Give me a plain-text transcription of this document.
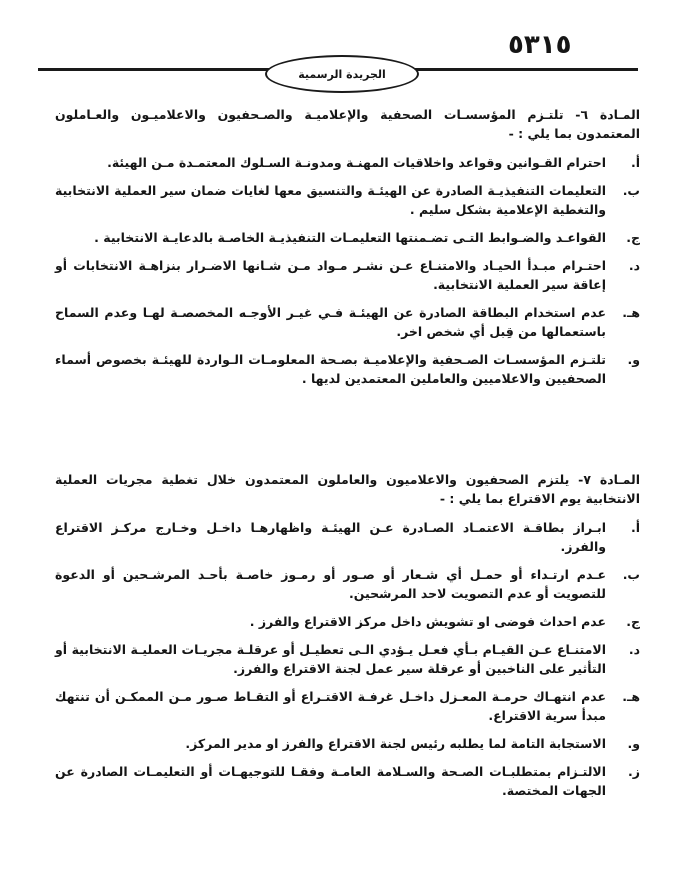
الجريدة الرسمية
٥٣١٥
المـادة ٦- تلتـزم المؤسسـات الصحفية والإعلاميـة والصـحفيون والاعلاميـون والعـاملون المعتمدون بما يلي : -
أ.
احترام القـوانين وقواعد واخلاقيات المهنـة ومدونـة السـلوك المعتمـدة مـن الهيئة.
ب.
التعليمات التنفيذيـة الصادرة عن الهيئـة والتنسيق معها لغايات ضمان سير العملية الانتخابية والتغطية الإعلامية بشكل سليم .
ج.
القواعـد والضـوابط التـى تضـمنتها التعليمـات التنفيذيـة الخاصـة بالدعايـة الانتخابية .
د.
احتـرام مبـدأ الحيـاد والامتنـاع عـن نشـر مـواد مـن شـانها الاضـرار بنزاهـة الانتخابات أو إعاقة سير العملية الانتخابية.
هـ.
عدم استخدام البطاقة الصادرة عن الهيئـة فـي غيـر الأوجـه المخصصـة لهـا وعدم السماح باستعمالها من قِبل أي شخص اخر.
و.
تلتـزم المؤسسـات الصـحفية والإعلاميـة بصـحة المعلومـات الـواردة للهيئـة بخصوص أسماء الصحفيين والاعلاميين والعاملين المعتمدين لديها .
المـادة ٧- يلتزم الصحفيون والاعلاميون والعاملون المعتمدون خلال تغطية مجريات العملية الانتخابية يوم الاقتراع بما يلي : -
أ.
ابـراز بطاقـة الاعتمـاد الصـادرة عـن الهيئـة واظهارهـا داخـل وخـارج مركـز الاقتراع والفرز.
ب.
عـدم ارتـداء أو حمـل أي شـعار أو صـور أو رمـوز خاصـة بأحـد المرشـحين أو الدعوة للتصويت أو عدم التصويت لاحد المرشحين.
ج.
عدم احداث فوضى او تشويش داخل مركز الاقتراع والفرز .
د.
الامتنـاع عـن القيـام بـأي فعـل يـؤدي الـى تعطيـل أو عرقلـة مجريـات العمليـة الانتخابية أو التأثير على الناخبين أو عرقلة سير عمل لجنة الاقتراع والفرز.
هـ.
عدم انتهـاك حرمـة المعـزل داخـل غرفـة الاقتـراع أو التقـاط صـور مـن الممكـن أن تنتهك مبدأ سرية الاقتراع.
و.
الاستجابة التامة لما يطلبه رئيس لجنة الاقتراع والفرز او مدير المركز.
ز.
الالتـزام بمتطلبـات الصـحة والسـلامة العامـة وفقـا للتوجيهـات أو التعليمـات الصادرة عن الجهات المختصة.
